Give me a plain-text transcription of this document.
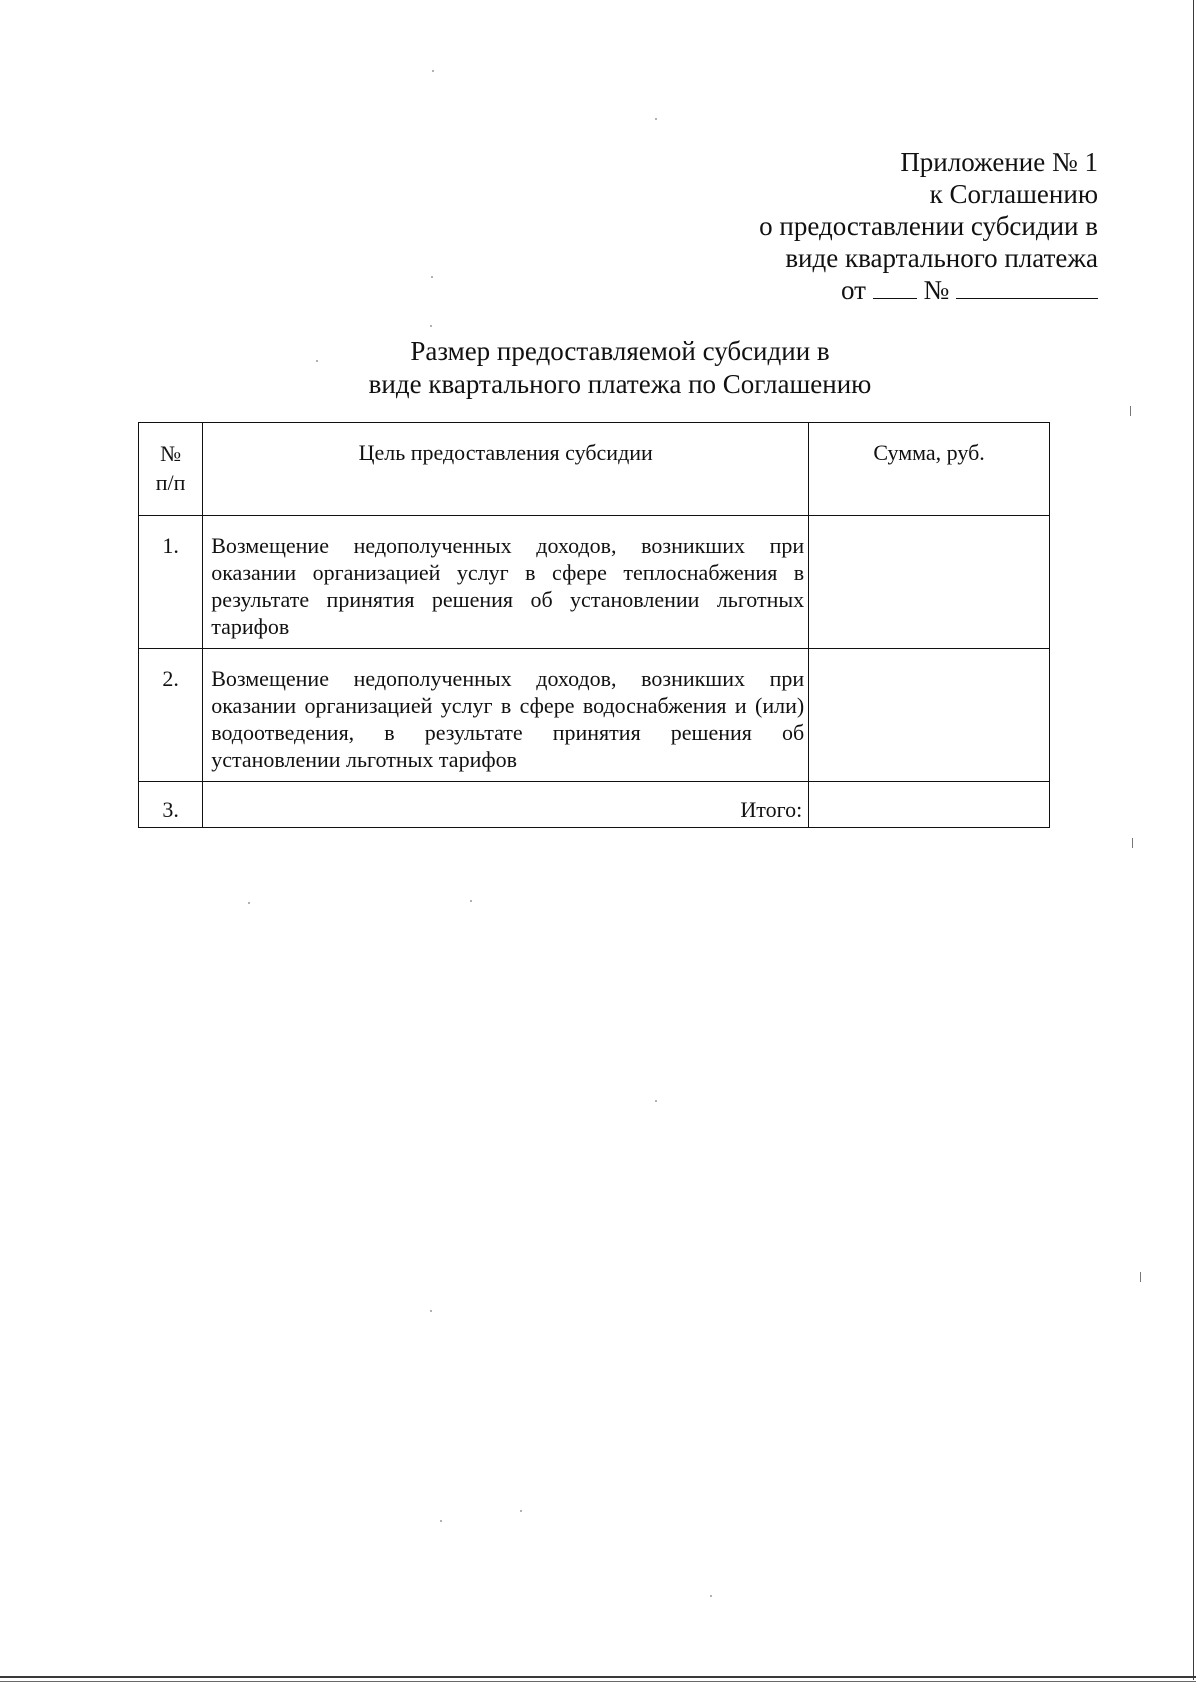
Приложение № 1
к Соглашению
о предоставлении субсидии в
виде квартального платежа
от №
Размер предоставляемой субсидии в
виде квартального платежа по Соглашению
№
п/п	Цель предоставления субсидии	Сумма, руб.
1.	Возмещение недополученных доходов, возникших при оказании организацией услуг в сфере теплоснабжения в результате принятия решения об установлении льготных тарифов	
2.	Возмещение недополученных доходов, возникших при оказании организацией услуг в сфере водоснабжения и (или) водоотведения, в результате принятия решения об установлении льготных тарифов	
3.	Итого:	
